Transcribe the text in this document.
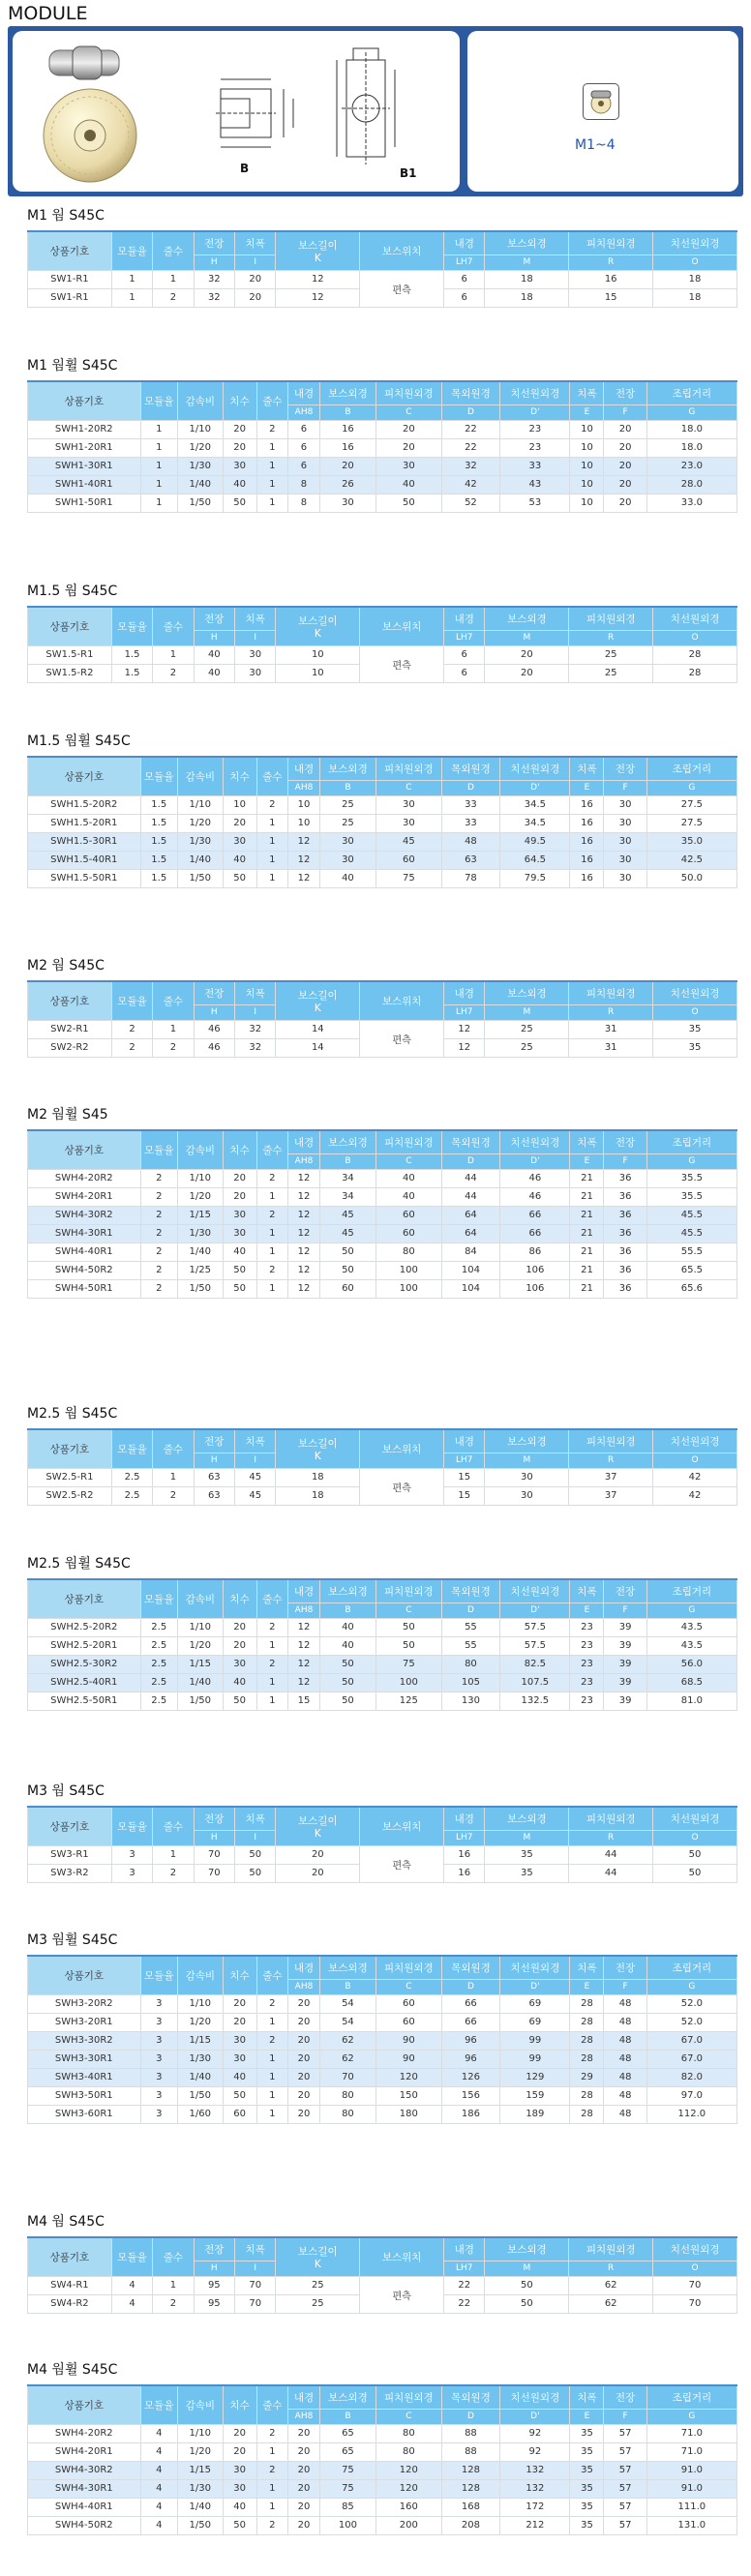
MODULE
B	B1
M1~4
M1 웜 S45C
상품기호	모듈율	줄수	전장	치폭	보스길이
K	보스위치	내경	보스외경	피치원외경	치선원외경
			H	I			LH7	M	R	O
SW1-R1	1	1	32	20	12	편측	6	18	16	18
SW1-R1	1	2	32	20	12		6	18	15	18
M1 웜휠 S45C
상품기호	모듈율	감속비	치수	줄수	내경	보스외경	피치원외경	목외원경	치선원외경	치폭	전장	조립거리
					AH8	B	C	D	D'	E	F	G
SWH1-20R2	1	1/10	20	2	6	16	20	22	23	10	20	18.0
SWH1-20R1	1	1/20	20	1	6	16	20	22	23	10	20	18.0
SWH1-30R1	1	1/30	30	1	6	20	30	32	33	10	20	23.0
SWH1-40R1	1	1/40	40	1	8	26	40	42	43	10	20	28.0
SWH1-50R1	1	1/50	50	1	8	30	50	52	53	10	20	33.0
M1.5 웜 S45C
상품기호	모듈율	줄수	전장	치폭	보스길이
K	보스위치	내경	보스외경	피치원외경	치선원외경
			H	I			LH7	M	R	O
SW1.5-R1	1.5	1	40	30	10	편측	6	20	25	28
SW1.5-R2	1.5	2	40	30	10		6	20	25	28
M1.5 웜휠 S45C
상품기호	모듈율	감속비	치수	줄수	내경	보스외경	피치원외경	목외원경	치선원외경	치폭	전장	조립거리
					AH8	B	C	D	D'	E	F	G
SWH1.5-20R2	1.5	1/10	10	2	10	25	30	33	34.5	16	30	27.5
SWH1.5-20R1	1.5	1/20	20	1	10	25	30	33	34.5	16	30	27.5
SWH1.5-30R1	1.5	1/30	30	1	12	30	45	48	49.5	16	30	35.0
SWH1.5-40R1	1.5	1/40	40	1	12	30	60	63	64.5	16	30	42.5
SWH1.5-50R1	1.5	1/50	50	1	12	40	75	78	79.5	16	30	50.0
M2 웜 S45C
상품기호	모듈율	줄수	전장	치폭	보스길이
K	보스위치	내경	보스외경	피치원외경	치선원외경
			H	I			LH7	M	R	O
SW2-R1	2	1	46	32	14	편측	12	25	31	35
SW2-R2	2	2	46	32	14		12	25	31	35
M2 웜휠 S45
상품기호	모듈율	감속비	치수	줄수	내경	보스외경	피치원외경	목외원경	치선원외경	치폭	전장	조립거리
					AH8	B	C	D	D'	E	F	G
SWH4-20R2	2	1/10	20	2	12	34	40	44	46	21	36	35.5
SWH4-20R1	2	1/20	20	1	12	34	40	44	46	21	36	35.5
SWH4-30R2	2	1/15	30	2	12	45	60	64	66	21	36	45.5
SWH4-30R1	2	1/30	30	1	12	45	60	64	66	21	36	45.5
SWH4-40R1	2	1/40	40	1	12	50	80	84	86	21	36	55.5
SWH4-50R2	2	1/25	50	2	12	50	100	104	106	21	36	65.5
SWH4-50R1	2	1/50	50	1	12	60	100	104	106	21	36	65.6
M2.5 웜 S45C
상품기호	모듈율	줄수	전장	치폭	보스길이
K	보스위치	내경	보스외경	피치원외경	치선원외경
			H	I			LH7	M	R	O
SW2.5-R1	2.5	1	63	45	18	편측	15	30	37	42
SW2.5-R2	2.5	2	63	45	18		15	30	37	42
M2.5 웜휠 S45C
상품기호	모듈율	감속비	치수	줄수	내경	보스외경	피치원외경	목외원경	치선원외경	치폭	전장	조립거리
					AH8	B	C	D	D'	E	F	G
SWH2.5-20R2	2.5	1/10	20	2	12	40	50	55	57.5	23	39	43.5
SWH2.5-20R1	2.5	1/20	20	1	12	40	50	55	57.5	23	39	43.5
SWH2.5-30R2	2.5	1/15	30	2	12	50	75	80	82.5	23	39	56.0
SWH2.5-40R1	2.5	1/40	40	1	12	50	100	105	107.5	23	39	68.5
SWH2.5-50R1	2.5	1/50	50	1	15	50	125	130	132.5	23	39	81.0
M3 웜 S45C
상품기호	모듈율	줄수	전장	치폭	보스길이
K	보스위치	내경	보스외경	피치원외경	치선원외경
			H	I			LH7	M	R	O
SW3-R1	3	1	70	50	20	편측	16	35	44	50
SW3-R2	3	2	70	50	20		16	35	44	50
M3 웜휠 S45C
상품기호	모듈율	감속비	치수	줄수	내경	보스외경	피치원외경	목외원경	치선원외경	치폭	전장	조립거리
					AH8	B	C	D	D'	E	F	G
SWH3-20R2	3	1/10	20	2	20	54	60	66	69	28	48	52.0
SWH3-20R1	3	1/20	20	1	20	54	60	66	69	28	48	52.0
SWH3-30R2	3	1/15	30	2	20	62	90	96	99	28	48	67.0
SWH3-30R1	3	1/30	30	1	20	62	90	96	99	28	48	67.0
SWH3-40R1	3	1/40	40	1	20	70	120	126	129	29	48	82.0
SWH3-50R1	3	1/50	50	1	20	80	150	156	159	28	48	97.0
SWH3-60R1	3	1/60	60	1	20	80	180	186	189	28	48	112.0
M4 웜 S45C
상품기호	모듈율	줄수	전장	치폭	보스길이
K	보스위치	내경	보스외경	피치원외경	치선원외경
			H	I			LH7	M	R	O
SW4-R1	4	1	95	70	25	편측	22	50	62	70
SW4-R2	4	2	95	70	25		22	50	62	70
M4 웜휠 S45C
상품기호	모듈율	감속비	치수	줄수	내경	보스외경	피치원외경	목외원경	치선원외경	치폭	전장	조립거리
					AH8	B	C	D	D'	E	F	G
SWH4-20R2	4	1/10	20	2	20	65	80	88	92	35	57	71.0
SWH4-20R1	4	1/20	20	1	20	65	80	88	92	35	57	71.0
SWH4-30R2	4	1/15	30	2	20	75	120	128	132	35	57	91.0
SWH4-30R1	4	1/30	30	1	20	75	120	128	132	35	57	91.0
SWH4-40R1	4	1/40	40	1	20	85	160	168	172	35	57	111.0
SWH4-50R2	4	1/50	50	2	20	100	200	208	212	35	57	131.0
